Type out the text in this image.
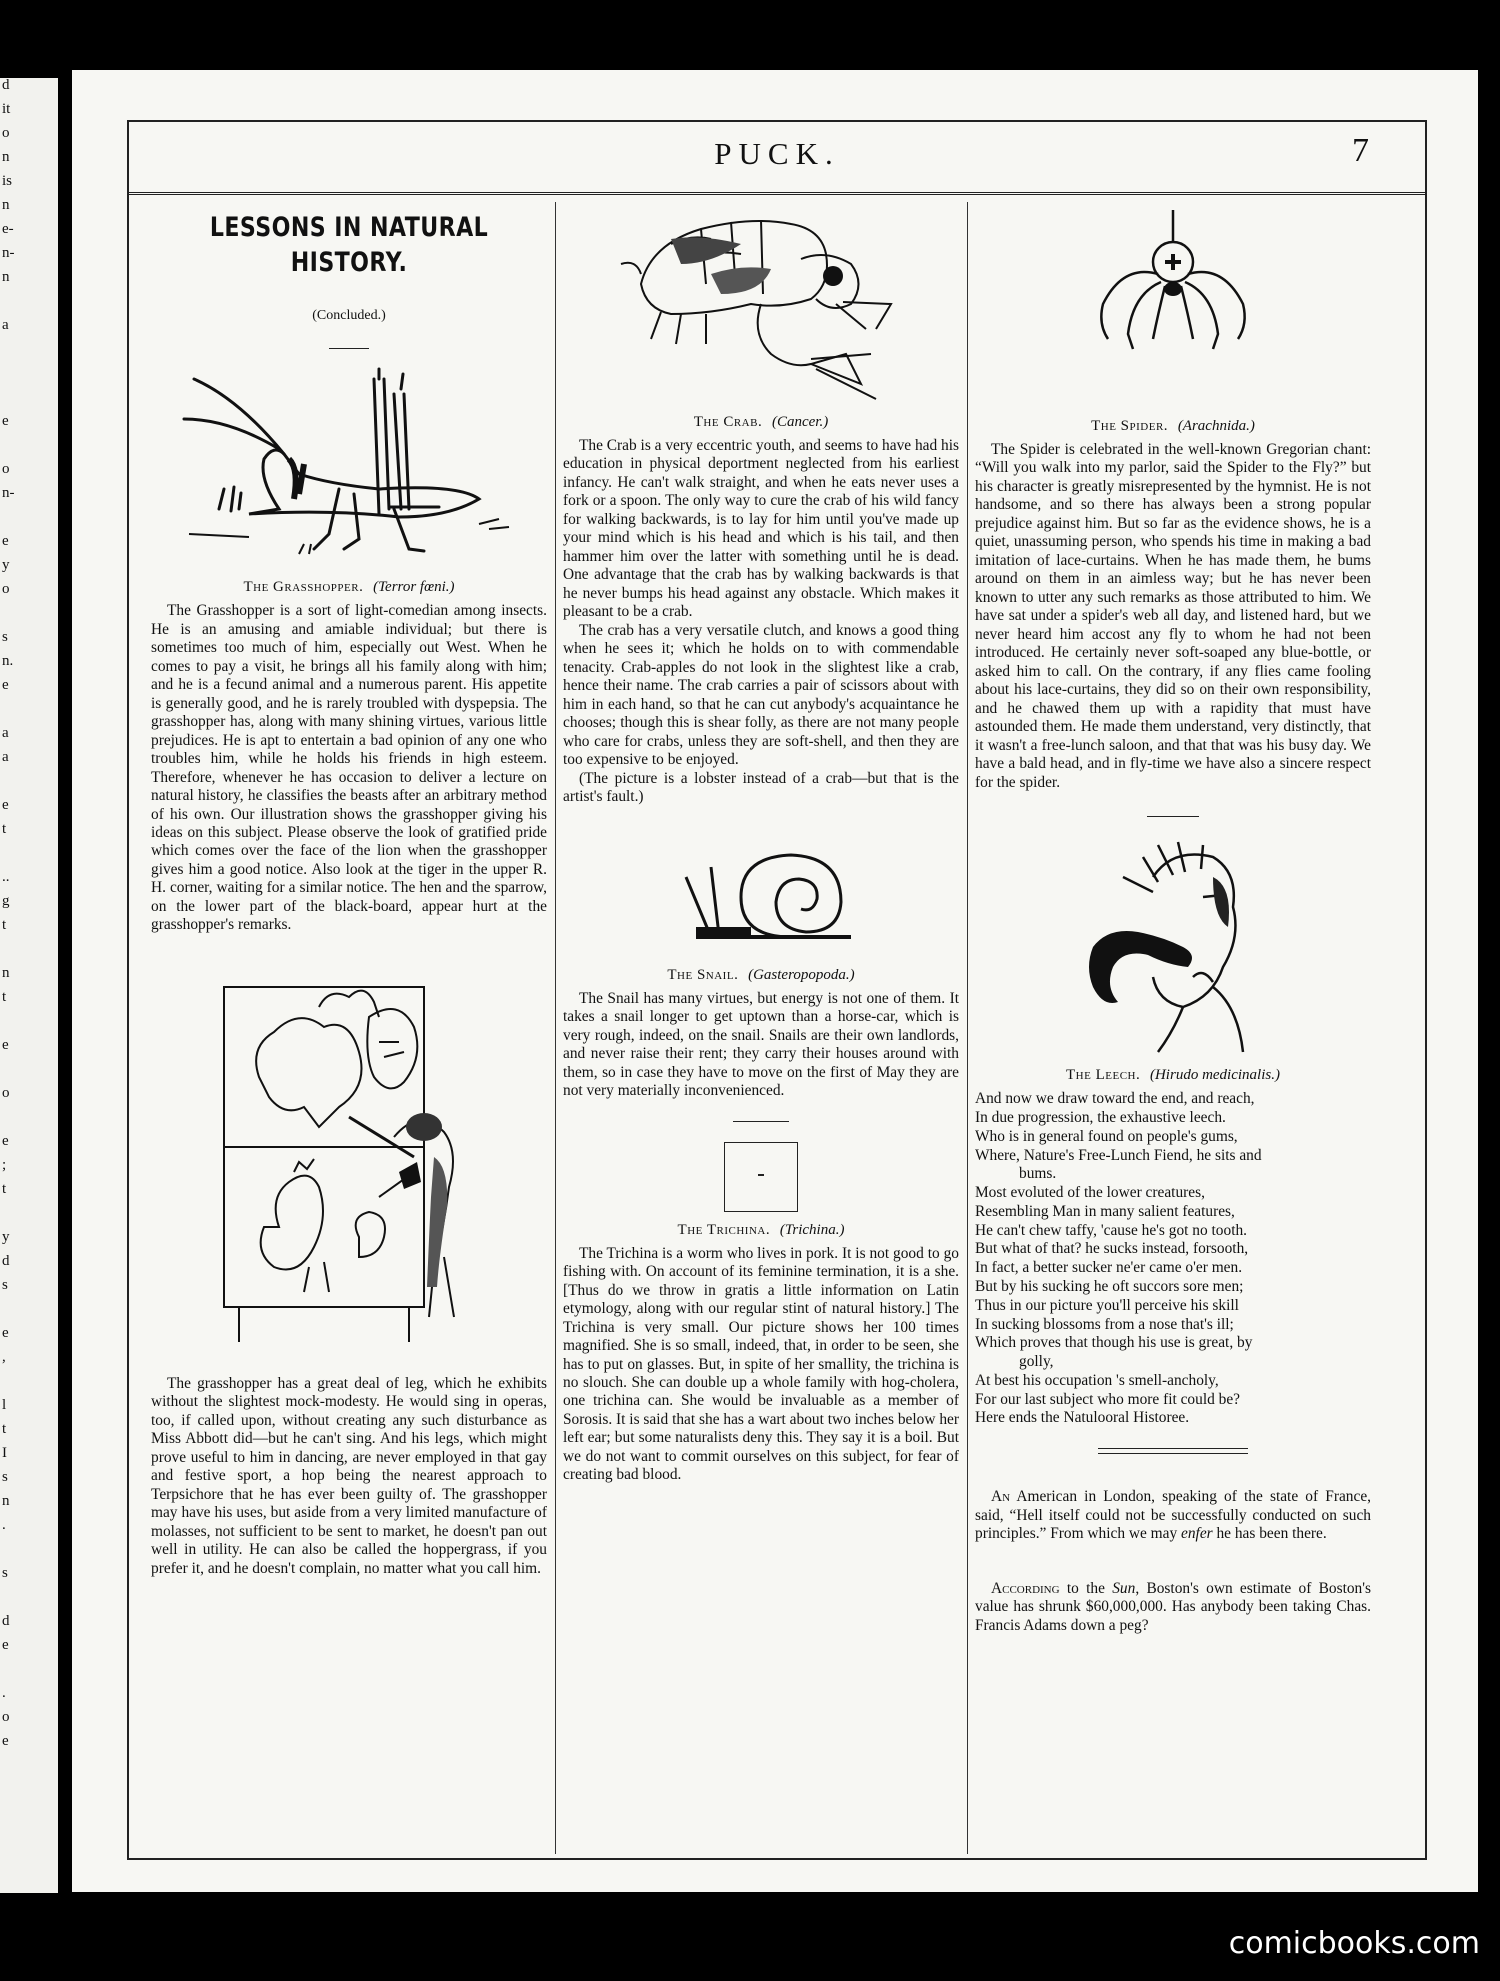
d
it
o
n
is
n
e-
n-
n
a
e
o
n-
e
y
o
s
n.
e
a
a
e
t
..
g
t
n
t
e
o
e
;
t
y
d
s
e
,
l
t
I
s
n
.
s
d
e
.
o
e
PUCK.	7
LESSONS IN NATURAL HISTORY.
(Concluded.)
The Grasshopper. (Terror fœni.)

The Grasshopper is a sort of light-comedian among insects. He is an amusing and amiable individual; but there is sometimes too much of him, especially out West. When he comes to pay a visit, he brings all his family along with him; and he is a fecund animal and a numerous parent. His appetite is generally good, and he is rarely troubled with dyspepsia. The grasshopper has, along with many shining virtues, various little prejudices. He is apt to entertain a bad opinion of any one who troubles him, while he holds his friends in high esteem. Therefore, whenever he has occasion to deliver a lecture on natural history, he classifies the beasts after an arbitrary method of his own. Our illustration shows the grasshopper giving his ideas on this subject. Please observe the look of gratified pride which comes over the face of the lion when the grasshopper gives him a good notice. Also look at the tiger in the upper R. H. corner, waiting for a similar notice. The hen and the sparrow, on the lower part of the black-board, appear hurt at the grasshopper's remarks.

The grasshopper has a great deal of leg, which he exhibits without the slightest mock-modesty. He would sing in operas, too, if called upon, without creating any such disturbance as Miss Abbott did—but he can't sing. And his legs, which might prove useful to him in dancing, are never employed in that gay and festive sport, a hop being the nearest approach to Terpsichore that he has ever been guilty of. The grasshopper may have his uses, but aside from a very limited manufacture of molasses, not sufficient to be sent to market, he doesn't pan out well in utility. He can also be called the hoppergrass, if you prefer it, and he doesn't complain, no matter what you call him.

The Crab. (Cancer.)

The Crab is a very eccentric youth, and seems to have had his education in physical deportment neglected from his earliest infancy. He can't walk straight, and when he eats never uses a fork or a spoon. The only way to cure the crab of his wild fancy for walking backwards, is to lay for him until you've made up your mind which is his head and which is his tail, and then hammer him over the latter with something until he is dead. One advantage that the crab has by walking backwards is that he never bumps his head against any obstacle. Which makes it pleasant to be a crab.

The crab has a very versatile clutch, and knows a good thing when he sees it; which he holds on to with commendable tenacity. Crab-apples do not look in the slightest like a crab, hence their name. The crab carries a pair of scissors about with him in each hand, so that he can cut anybody's acquaintance he chooses; though this is shear folly, as there are not many people who care for crabs, unless they are soft-shell, and then they are too expensive to be enjoyed.

(The picture is a lobster instead of a crab—but that is the artist's fault.)

The Snail. (Gasteropopoda.)

The Snail has many virtues, but energy is not one of them. It takes a snail longer to get uptown than a horse-car, which is very rough, indeed, on the snail. Snails are their own landlords, and never raise their rent; they carry their houses around with them, so in case they have to move on the first of May they are not very materially inconvenienced.

The Trichina. (Trichina.)

The Trichina is a worm who lives in pork. It is not good to go fishing with. On account of its feminine termination, it is a she. [Thus do we throw in gratis a little information on Latin etymology, along with our regular stint of natural history.] The Trichina is very small. Our picture shows her 100 times magnified. She is so small, indeed, that, in order to be seen, she has to put on glasses. But, in spite of her smallity, the trichina is no slouch. She can double up a whole family with hog-cholera, one trichina can. She would be invaluable as a member of Sorosis. It is said that she has a wart about two inches below her left ear; but some naturalists deny this. They say it is a boil. But we do not want to commit ourselves on this subject, for fear of creating bad blood.

The Spider. (Arachnida.)

The Spider is celebrated in the well-known Gregorian chant: “Will you walk into my parlor, said the Spider to the Fly?” but his character is greatly misrepresented by the hymnist. He is not handsome, and so there has always been a strong popular prejudice against him. But so far as the evidence shows, he is a quiet, unassuming person, who spends his time in making a bad imitation of lace-curtains. When he has made them, he bums around on them in an aimless way; but he has never been known to utter any such remarks as those attributed to him. We have sat under a spider's web all day, and listened hard, but we never heard him accost any fly to whom he had not been introduced. He certainly never soft-soaped any blue-bottle, or asked him to call. On the contrary, if any flies came fooling about his lace-curtains, they did so on their own responsibility, and he chawed them up with a rapidity that must have astounded them. He made them understand, very distinctly, that it wasn't a free-lunch saloon, and that that was his busy day. We have a bald head, and in fly-time we have also a sincere respect for the spider.

The Leech. (Hirudo medicinalis.)
And now we draw toward the end, and reach,
In due progression, the exhaustive leech.
Who is in general found on people's gums,
Where, Nature's Free-Lunch Fiend, he sits and
bums.
Most evoluted of the lower creatures,
Resembling Man in many salient features,
He can't chew taffy, 'cause he's got no tooth.
But what of that? he sucks instead, forsooth,
In fact, a better sucker ne'er came o'er men.
But by his sucking he oft succors sore men;
Thus in our picture you'll perceive his skill
In sucking blossoms from a nose that's ill;
Which proves that though his use is great, by
golly,
At best his occupation 's smell-ancholy,
For our last subject who more fit could be?
Here ends the Natulooral Historee.

An American in London, speaking of the state of France, said, “Hell itself could not be successfully conducted on such principles.” From which we may enfer he has been there.

According to the Sun, Boston's own estimate of Boston's value has shrunk $60,000,000. Has anybody been taking Chas. Francis Adams down a peg?

comicbooks.com
